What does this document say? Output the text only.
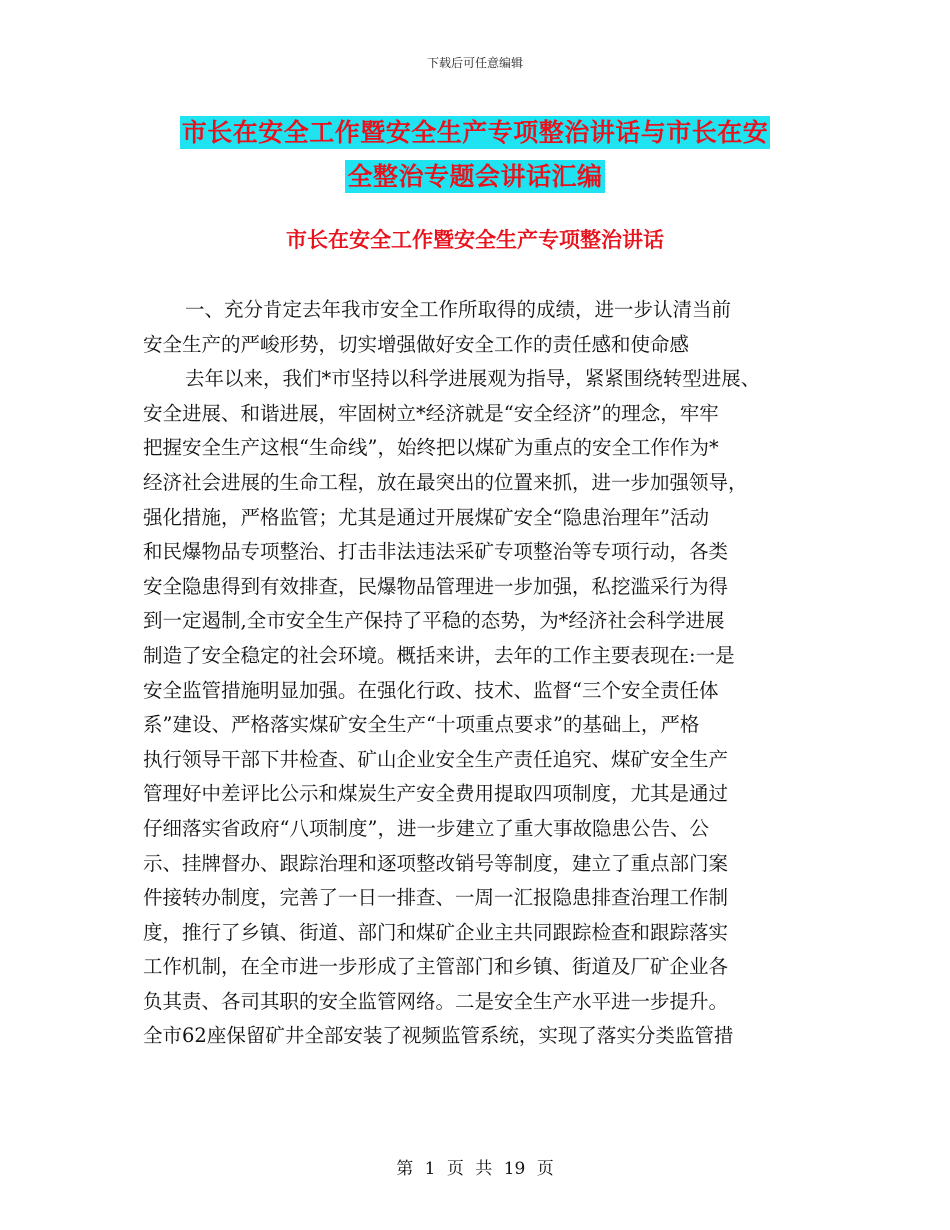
下载后可任意编辑
市长在安全工作暨安全生产专项整治讲话与市长在安
全整治专题会讲话汇编
市长在安全工作暨安全生产专项整治讲话
一、充分肯定去年我市安全工作所取得的成绩，进一步认清当前
安全生产的严峻形势，切实增强做好安全工作的责任感和使命感
去年以来，我们*市坚持以科学进展观为指导，紧紧围绕转型进展、
安全进展、和谐进展，牢固树立*经济就是“安全经济”的理念，牢牢
把握安全生产这根“生命线”，始终把以煤矿为重点的安全工作作为*
经济社会进展的生命工程，放在最突出的位置来抓，进一步加强领导，
强化措施，严格监管；尤其是通过开展煤矿安全“隐患治理年”活动
和民爆物品专项整治、打击非法违法采矿专项整治等专项行动，各类
安全隐患得到有效排查，民爆物品管理进一步加强，私挖滥采行为得
到一定遏制,全市安全生产保持了平稳的态势，为*经济社会科学进展
制造了安全稳定的社会环境。概括来讲，去年的工作主要表现在:一是
安全监管措施明显加强。在强化行政、技术、监督“三个安全责任体
系”建设、严格落实煤矿安全生产“十项重点要求”的基础上，严格
执行领导干部下井检查、矿山企业安全生产责任追究、煤矿安全生产
管理好中差评比公示和煤炭生产安全费用提取四项制度，尤其是通过
仔细落实省政府“八项制度”，进一步建立了重大事故隐患公告、公
示、挂牌督办、跟踪治理和逐项整改销号等制度，建立了重点部门案
件接转办制度，完善了一日一排查、一周一汇报隐患排查治理工作制
度，推行了乡镇、街道、部门和煤矿企业主共同跟踪检查和跟踪落实
工作机制，在全市进一步形成了主管部门和乡镇、街道及厂矿企业各
负其责、各司其职的安全监管网络。二是安全生产水平进一步提升。
全市62座保留矿井全部安装了视频监管系统，实现了落实分类监管措
第 1 页 共 19 页
